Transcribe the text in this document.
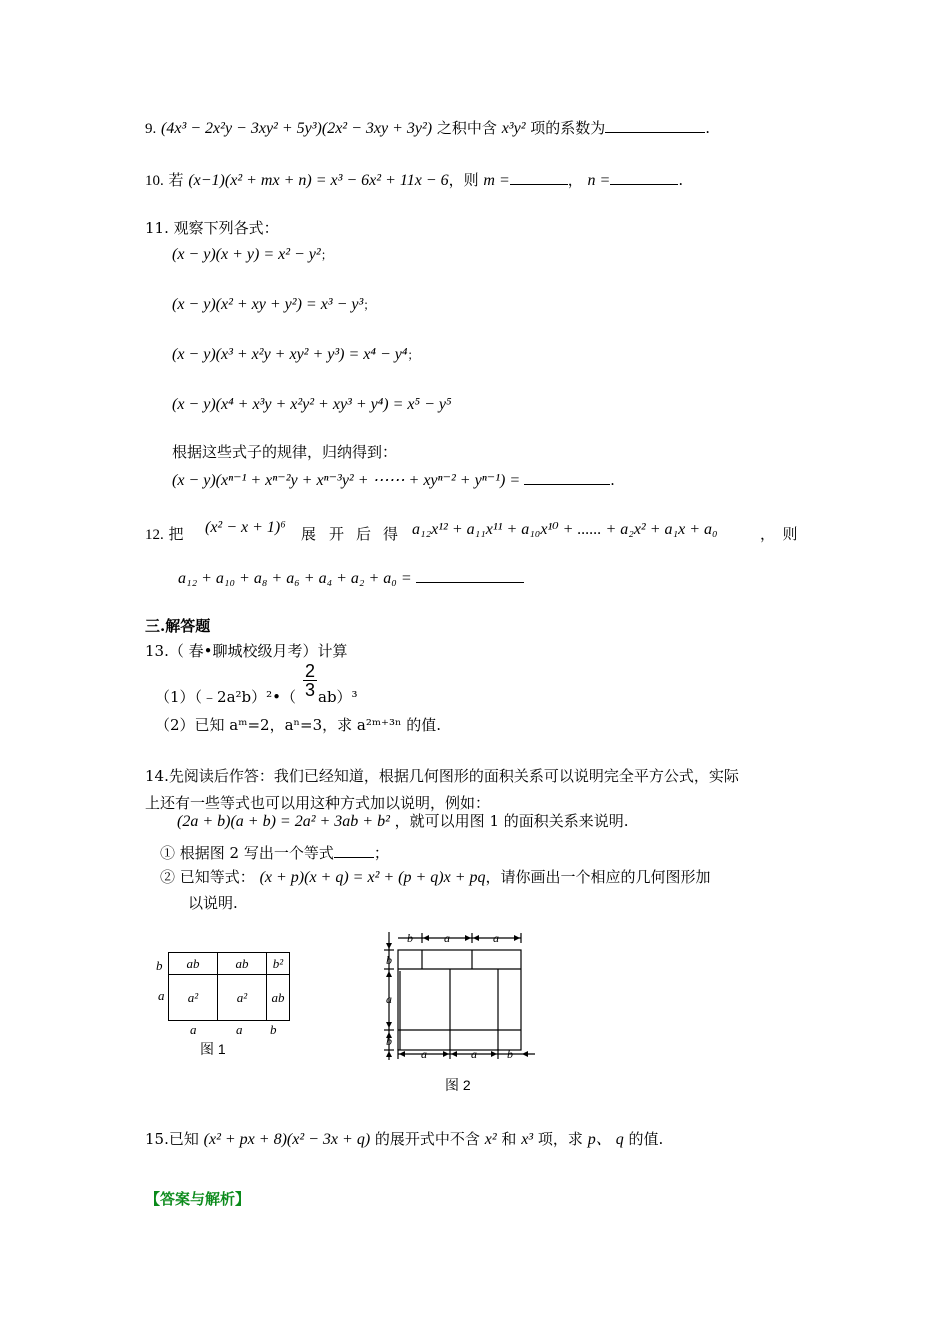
9. (4x³ − 2x²y − 3xy² + 5y³)(2x² − 3xy + 3y²) 之积中含 x³y² 项的系数为	.
10. 若 (x−1)(x² + mx + n) = x³ − 6x² + 11x − 6，则 m =	， n =	.
11. 观察下列各式：
(x − y)(x + y) = x² − y²；
(x − y)(x² + xy + y²) = x³ − y³；
(x − y)(x³ + x²y + xy² + y³) = x⁴ − y⁴；
(x − y)(x⁴ + x³y + x²y² + xy³ + y⁴) = x⁵ − y⁵
根据这些式子的规律，归纳得到：
(x − y)(xⁿ⁻¹ + xⁿ⁻²y + xⁿ⁻³y² + ⋯⋯ + xyⁿ⁻² + yⁿ⁻¹) =	.
12. 把 (x² − x + 1)⁶ 展 开 后 得 a₁₂x¹² + a₁₁x¹¹ + a₁₀x¹⁰ + ...... + a₂x² + a₁x + a₀	，　则
a₁₂ + a₁₀ + a₈ + a₆ + a₄ + a₂ + a₀ =
三.解答题
13.（ 春•聊城校级月考）计算
2
3
（1）（﹣2a²b）²•（ ab）³
（2）已知 aᵐ=2，aⁿ=3，求 a²ᵐ⁺³ⁿ 的值.
14.先阅读后作答：我们已经知道，根据几何图形的面积关系可以说明完全平方公式，实际
上还有一些等式也可以用这种方式加以说明，例如：
(2a + b)(a + b) = 2a² + 3ab + b² ，就可以用图 1 的面积关系来说明.
① 根据图 2 写出一个等式	；
② 已知等式： (x + p)(x + q) = x² + (p + q)x + pq，请你画出一个相应的几何图形加
以说明.
b
a
ab	ab	b²
a²	a²	ab
a	a b
图 1
b	a	a
a	a	b
b
a
b
图 2
15.已知 (x² + px + 8)(x² − 3x + q) 的展开式中不含 x² 和 x³ 项，求 p、 q 的值.
【答案与解析】
